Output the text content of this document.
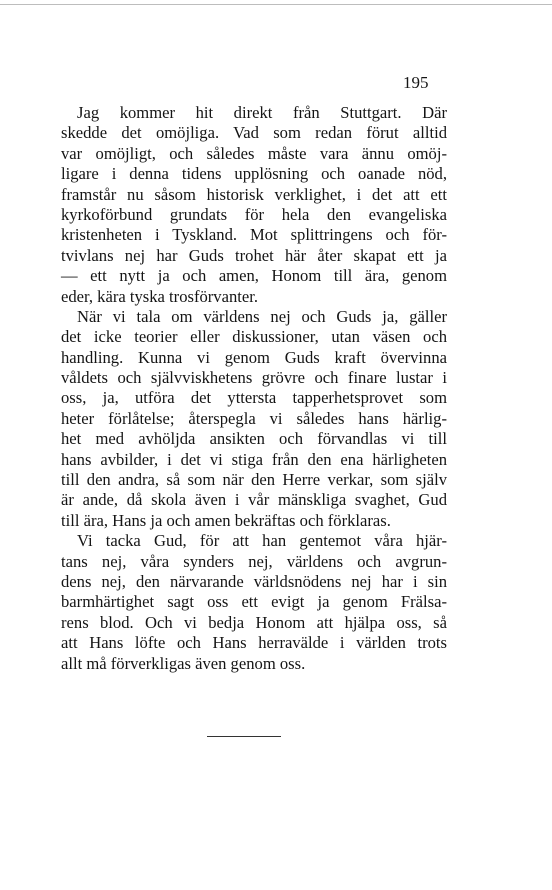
195

Jag kommer hit direkt från Stuttgart. Där
skedde det omöjliga. Vad som redan förut alltid
var omöjligt, och således måste vara ännu omöj-
ligare i denna tidens upplösning och oanade nöd,
framstår nu såsom historisk verklighet, i det att ett
kyrkoförbund grundats för hela den evangeliska
kristenheten i Tyskland. Mot splittringens och för-
tvivlans nej har Guds trohet här åter skapat ett ja
— ett nytt ja och amen, Honom till ära, genom
eder, kära tyska trosförvanter.

När vi tala om världens nej och Guds ja, gäller
det icke teorier eller diskussioner, utan väsen och
handling. Kunna vi genom Guds kraft övervinna
våldets och självviskhetens grövre och finare lustar i
oss, ja, utföra det yttersta tapperhetsprovet som
heter förlåtelse; återspegla vi således hans härlig-
het med avhöljda ansikten och förvandlas vi till
hans avbilder, i det vi stiga från den ena härligheten
till den andra, så som när den Herre verkar, som själv
är ande, då skola även i vår mänskliga svaghet, Gud
till ära, Hans ja och amen bekräftas och förklaras.

Vi tacka Gud, för att han gentemot våra hjär-
tans nej, våra synders nej, världens och avgrun-
dens nej, den närvarande världsnödens nej har i sin
barmhärtighet sagt oss ett evigt ja genom Frälsa-
rens blod. Och vi bedja Honom att hjälpa oss, så
att Hans löfte och Hans herravälde i världen trots
allt må förverkligas även genom oss.
